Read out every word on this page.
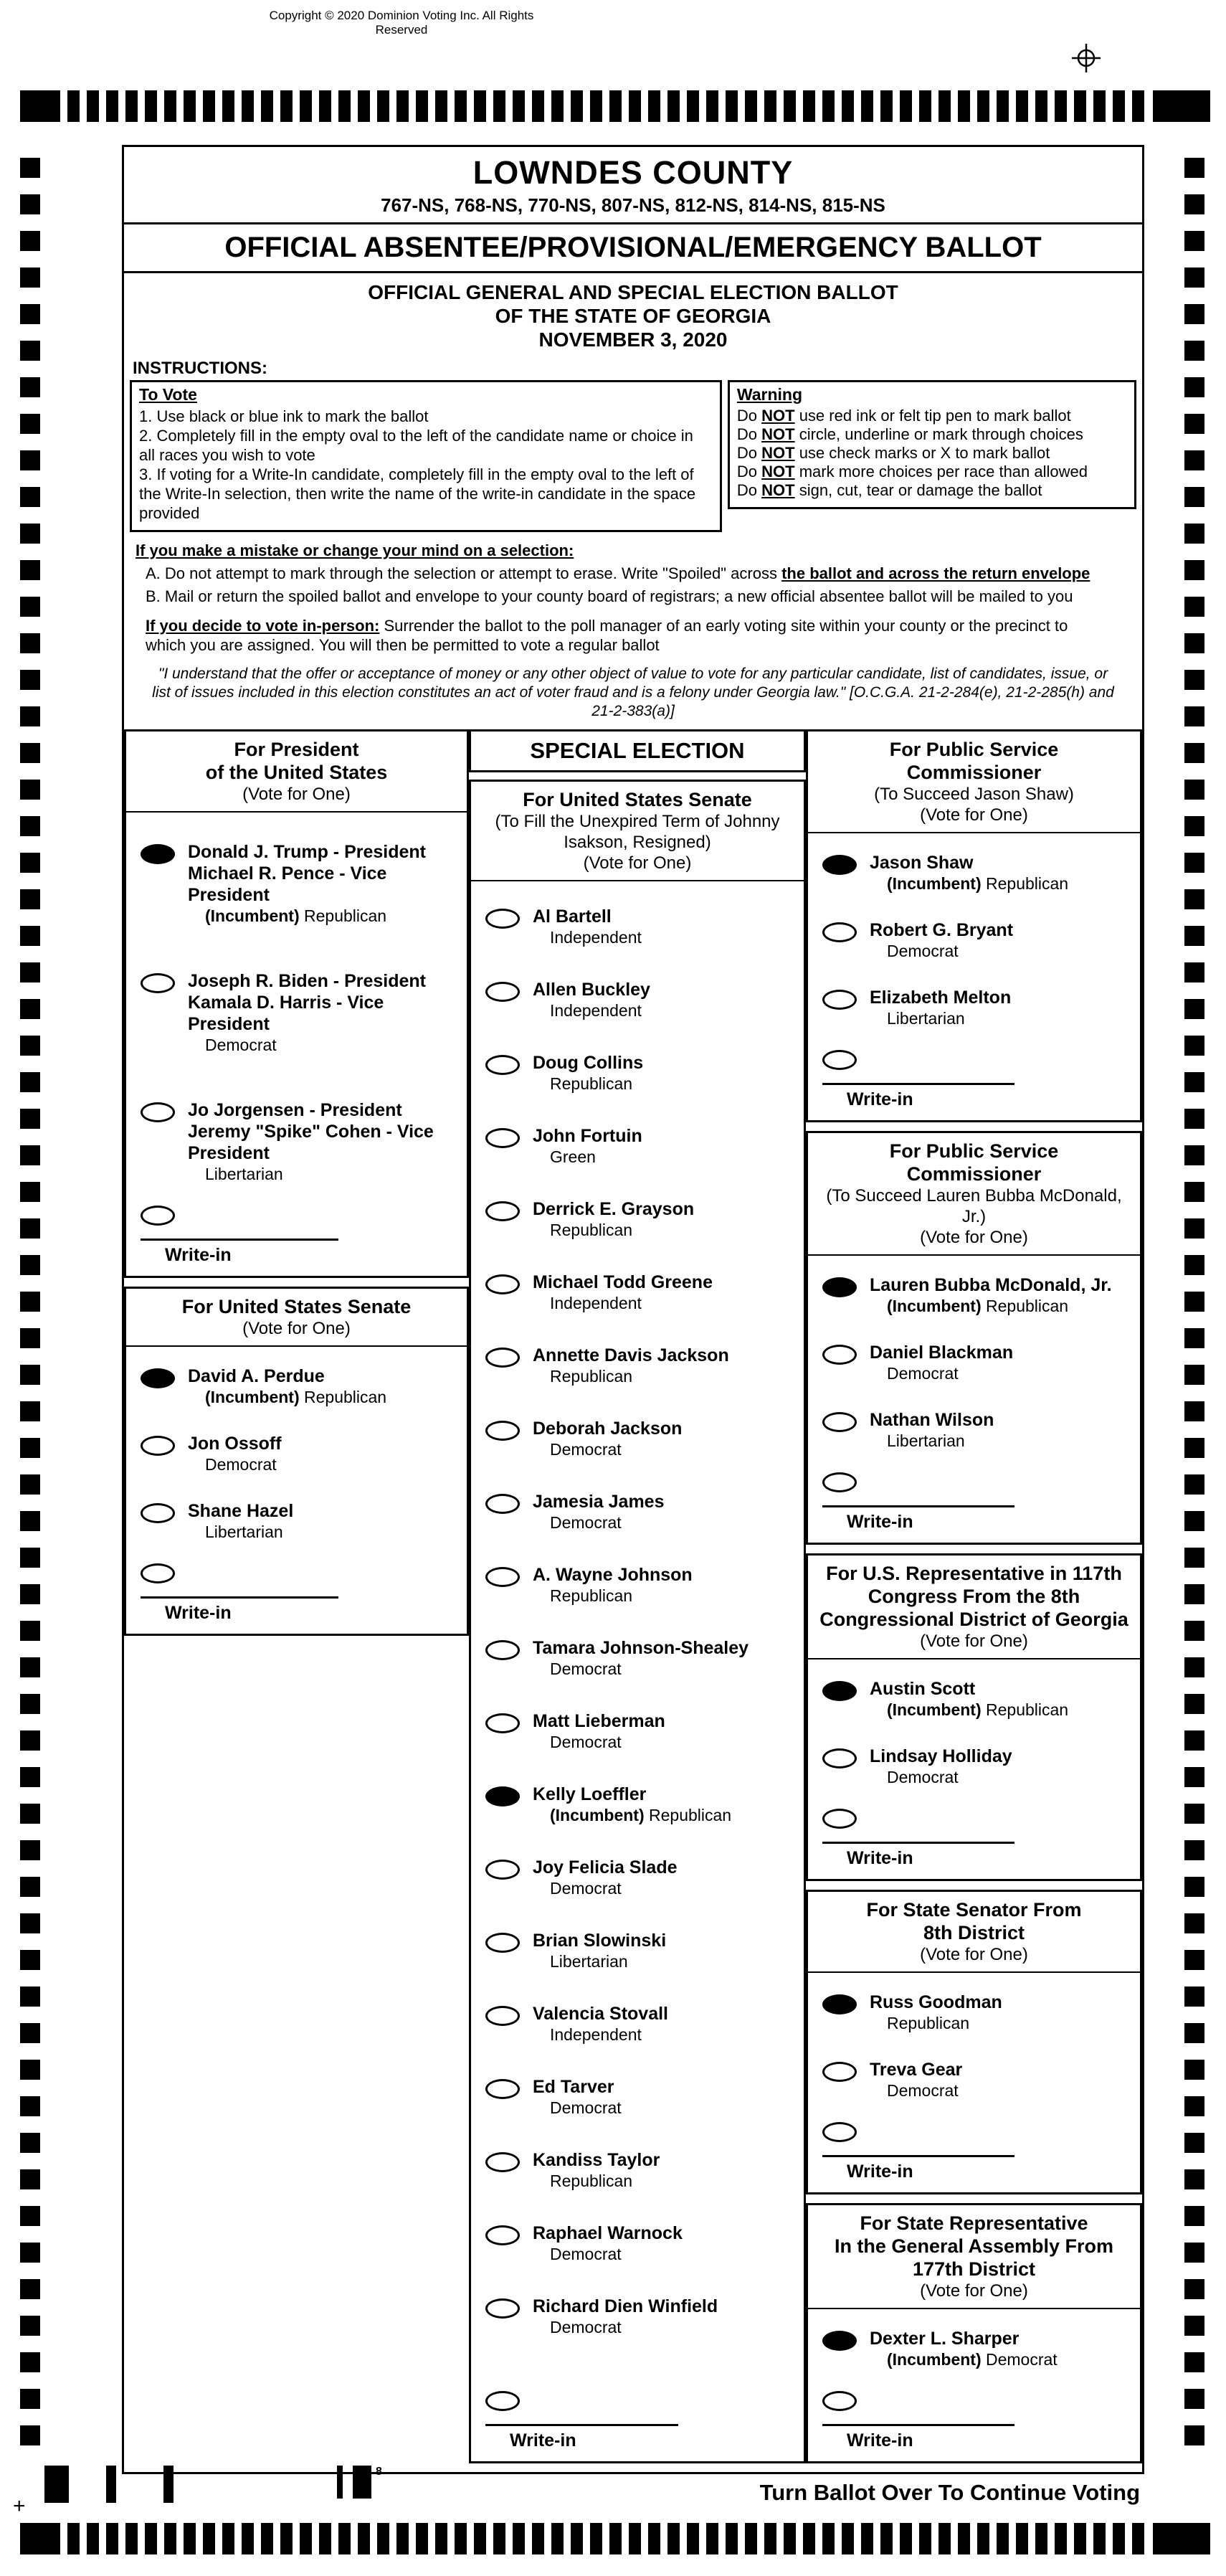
Copyright © 2020 Dominion Voting Inc. All Rights Reserved
LOWNDES COUNTY
767-NS, 768-NS, 770-NS, 807-NS, 812-NS, 814-NS, 815-NS
OFFICIAL ABSENTEE/PROVISIONAL/EMERGENCY BALLOT
OFFICIAL GENERAL AND SPECIAL ELECTION BALLOT
OF THE STATE OF GEORGIA
NOVEMBER 3, 2020
INSTRUCTIONS:
To Vote
1. Use black or blue ink to mark the ballot
2. Completely fill in the empty oval to the left of the candidate name or choice in all races you wish to vote
3. If voting for a Write-In candidate, completely fill in the empty oval to the left of the Write-In selection, then write the name of the write-in candidate in the space provided
Warning
Do NOT use red ink or felt tip pen to mark ballot
Do NOT circle, underline or mark through choices
Do NOT use check marks or X to mark ballot
Do NOT mark more choices per race than allowed
Do NOT sign, cut, tear or damage the ballot
If you make a mistake or change your mind on a selection:
A. Do not attempt to mark through the selection or attempt to erase. Write "Spoiled" across the ballot and across the return envelope
B. Mail or return the spoiled ballot and envelope to your county board of registrars; a new official absentee ballot will be mailed to you
If you decide to vote in-person: Surrender the ballot to the poll manager of an early voting site within your county or the precinct to which you are assigned. You will then be permitted to vote a regular ballot
"I understand that the offer or acceptance of money or any other object of value to vote for any particular candidate, list of candidates, issue, or list of issues included in this election constitutes an act of voter fraud and is a felony under Georgia law." [O.C.G.A. 21-2-284(e), 21-2-285(h) and 21-2-383(a)]
For President
of the United States
(Vote for One)
Donald J. Trump - President
Michael R. Pence - Vice President
(Incumbent) Republican
Joseph R. Biden - President
Kamala D. Harris - Vice President
Democrat
Jo Jorgensen - President
Jeremy "Spike" Cohen - Vice President
Libertarian
Write-in
For United States Senate
(Vote for One)
David A. Perdue
(Incumbent) Republican
Jon Ossoff
Democrat
Shane Hazel
Libertarian
Write-in
SPECIAL ELECTION
For United States Senate
(To Fill the Unexpired Term of Johnny
Isakson, Resigned)
(Vote for One)
Al Bartell
Independent
Allen Buckley
Independent
Doug Collins
Republican
John Fortuin
Green
Derrick E. Grayson
Republican
Michael Todd Greene
Independent
Annette Davis Jackson
Republican
Deborah Jackson
Democrat
Jamesia James
Democrat
A. Wayne Johnson
Republican
Tamara Johnson-Shealey
Democrat
Matt Lieberman
Democrat
Kelly Loeffler
(Incumbent) Republican
Joy Felicia Slade
Democrat
Brian Slowinski
Libertarian
Valencia Stovall
Independent
Ed Tarver
Democrat
Kandiss Taylor
Republican
Raphael Warnock
Democrat
Richard Dien Winfield
Democrat
Write-in
For Public Service
Commissioner
(To Succeed Jason Shaw)
(Vote for One)
Jason Shaw
(Incumbent) Republican
Robert G. Bryant
Democrat
Elizabeth Melton
Libertarian
Write-in
For Public Service
Commissioner
(To Succeed Lauren Bubba McDonald, Jr.)
(Vote for One)
Lauren Bubba McDonald, Jr.
(Incumbent) Republican
Daniel Blackman
Democrat
Nathan Wilson
Libertarian
Write-in
For U.S. Representative in 117th
Congress From the 8th
Congressional District of Georgia
(Vote for One)
Austin Scott
(Incumbent) Republican
Lindsay Holliday
Democrat
Write-in
For State Senator From
8th District
(Vote for One)
Russ Goodman
Republican
Treva Gear
Democrat
Write-in
For State Representative
In the General Assembly From
177th District
(Vote for One)
Dexter L. Sharper
(Incumbent) Democrat
Write-in
8
+
Turn Ballot Over To Continue Voting
